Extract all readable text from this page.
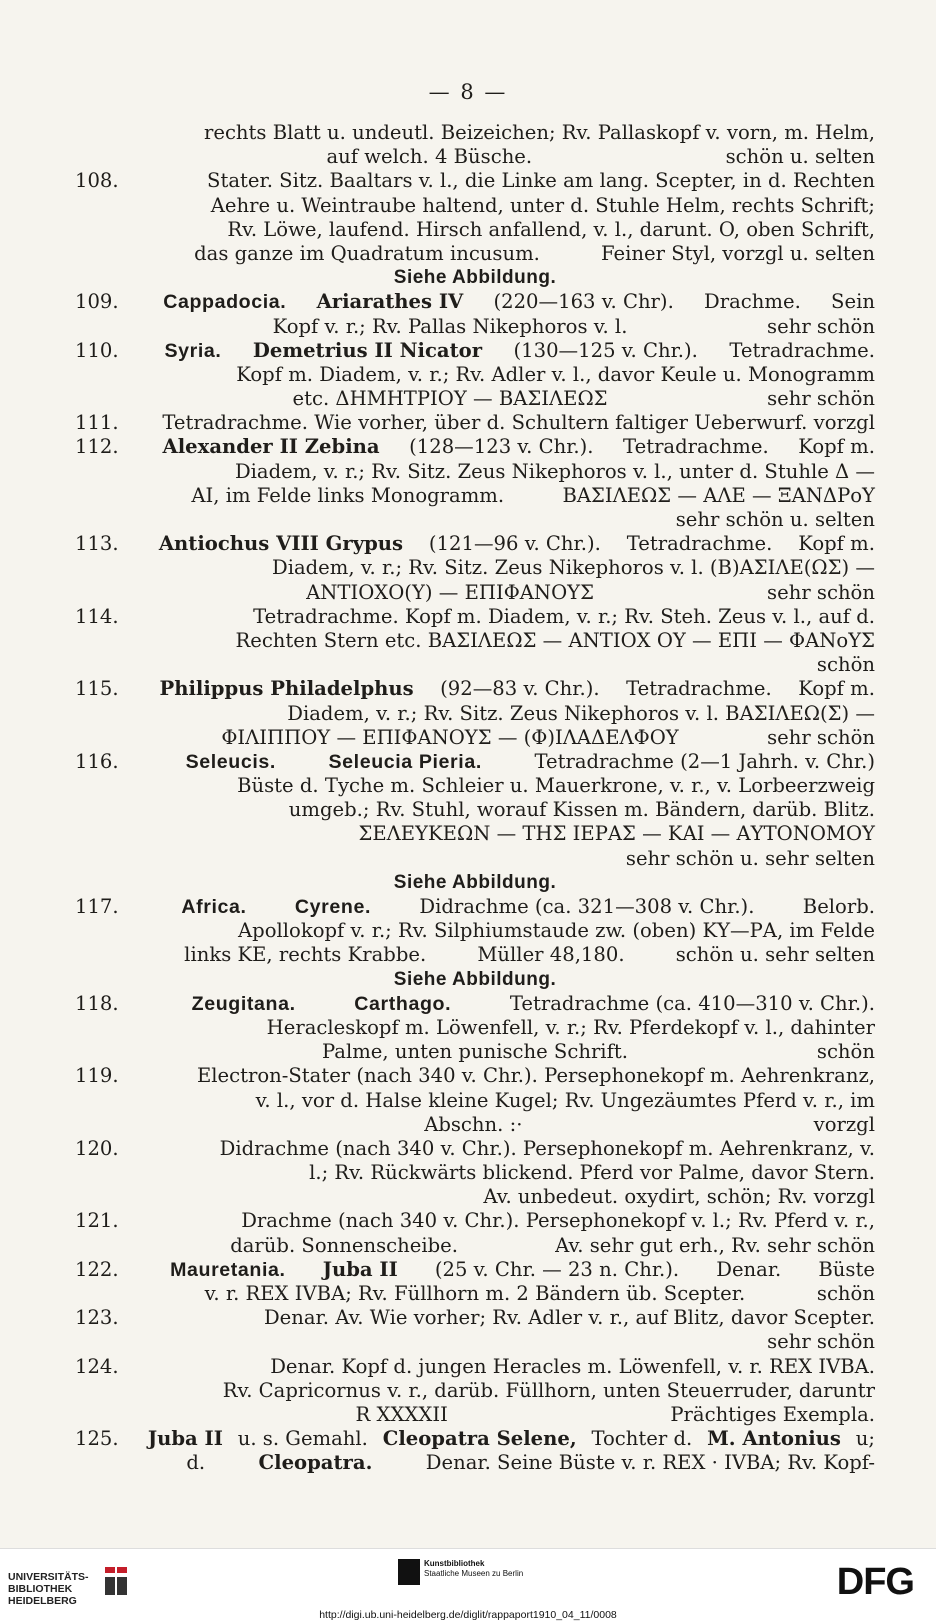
— 8 —
rechts Blatt u. undeutl. Beizeichen; Rv. Pallaskopf v. vorn, m. Helm,
auf welch. 4 Büsche.	schön u. selten
108.	Stater. Sitz. Baaltars v. l., die Linke am lang. Scepter, in d. Rechten
Aehre u. Weintraube haltend, unter d. Stuhle Helm, rechts Schrift;
Rv. Löwe, laufend. Hirsch anfallend, v. l., darunt. O, oben Schrift,
das ganze im Quadratum incusum.	Feiner Styl, vorzgl u. selten
Siehe Abbildung.
109.	Cappadocia. Ariarathes IV (220—163 v. Chr). Drachme. Sein
Kopf v. r.; Rv. Pallas Nikephoros v. l.	sehr schön
110.	Syria. Demetrius II Nicator (130—125 v. Chr.). Tetradrachme.
Kopf m. Diadem, v. r.; Rv. Adler v. l., davor Keule u. Monogramm
etc. ΔΗΜΗΤΡΙΟΥ — ΒΑΣΙΛΕΩΣ	sehr schön
111.	Tetradrachme. Wie vorher, über d. Schultern faltiger Ueberwurf. vorzgl
112.	Alexander II Zebina (128—123 v. Chr.). Tetradrachme. Kopf m.
Diadem, v. r.; Rv. Sitz. Zeus Nikephoros v. l., unter d. Stuhle Δ —
ΑΙ, im Felde links Monogramm.	ΒΑΣΙΛΕΩΣ — ΑΛΕ — ΞΑΝΔΡοΥ
sehr schön u. selten
113.	Antiochus VIII Grypus (121—96 v. Chr.). Tetradrachme. Kopf m.
Diadem, v. r.; Rv. Sitz. Zeus Nikephoros v. l. (Β)ΑΣΙΛΕ(ΩΣ) —
ΑΝΤΙΟΧΟ(Υ) — ΕΠΙΦΑΝΟΥΣ	sehr schön
114.	Tetradrachme. Kopf m. Diadem, v. r.; Rv. Steh. Zeus v. l., auf d.
Rechten Stern etc. ΒΑΣΙΛΕΩΣ — ΑΝΤΙΟΧ ΟΥ — ΕΠΙ — ΦΑΝοΥΣ
schön
115.	Philippus Philadelphus (92—83 v. Chr.). Tetradrachme. Kopf m.
Diadem, v. r.; Rv. Sitz. Zeus Nikephoros v. l. ΒΑΣΙΛΕΩ(Σ) —
ΦΙΛΙΠΠΟΥ — ΕΠΙΦΑΝΟΥΣ — (Φ)ΙΛΑΔΕΛΦΟΥ	sehr schön
116.	Seleucis.	Seleucia Pieria.	Tetradrachme (2—1 Jahrh. v. Chr.)
Büste d. Tyche m. Schleier u. Mauerkrone, v. r., v. Lorbeerzweig
umgeb.; Rv. Stuhl, worauf Kissen m. Bändern, darüb. Blitz.
ΣΕΛΕΥΚΕΩΝ — ΤΗΣ ΙΕΡΑΣ — ΚΑΙ — ΑΥΤΟΝΟΜΟΥ
sehr schön u. sehr selten
Siehe Abbildung.
117.	Africa. Cyrene. Didrachme (ca. 321—308 v. Chr.). Belorb.
Apollokopf v. r.; Rv. Silphiumstaude zw. (oben) ΚΥ—ΡΑ, im Felde
links ΚΕ, rechts Krabbe.	Müller 48,180.	schön u. sehr selten
Siehe Abbildung.
118.	Zeugitana.	Carthago.	Tetradrachme (ca. 410—310 v. Chr.).
Heracleskopf m. Löwenfell, v. r.; Rv. Pferdekopf v. l., dahinter
Palme, unten punische Schrift.	schön
119.	Electron-Stater (nach 340 v. Chr.). Persephonekopf m. Aehrenkranz,
v. l., vor d. Halse kleine Kugel; Rv. Ungezäumtes Pferd v. r., im
Abschn. :·	vorzgl
120.	Didrachme (nach 340 v. Chr.). Persephonekopf m. Aehrenkranz, v.
l.; Rv. Rückwärts blickend. Pferd vor Palme, davor Stern.
Av. unbedeut. oxydirt, schön; Rv. vorzgl
121.	Drachme (nach 340 v. Chr.). Persephonekopf v. l.; Rv. Pferd v. r.,
darüb. Sonnenscheibe.	Av. sehr gut erh., Rv. sehr schön
122.	Mauretania. Juba II (25 v. Chr. — 23 n. Chr.). Denar. Büste
v. r. REX IVBA; Rv. Füllhorn m. 2 Bändern üb. Scepter.	schön
123.	Denar. Av. Wie vorher; Rv. Adler v. r., auf Blitz, davor Scepter.
sehr schön
124.	Denar. Kopf d. jungen Heracles m. Löwenfell, v. r. REX IVBA.
Rv. Capricornus v. r., darüb. Füllhorn, unten Steuerruder, daruntr
R XXXXII	Prächtiges Exempla.
125.	Juba II u. s. Gemahl. Cleopatra Selene, Tochter d. M. Antonius u;
d.	Cleopatra.	Denar. Seine Büste v. r. REX · IVBA; Rv. Kopf-
UNIVERSITÄTS-
BIBLIOTHEK
HEIDELBERG
Kunstbibliothek
Staatliche Museen zu Berlin	DFG
http://digi.ub.uni-heidelberg.de/diglit/rappaport1910_04_11/0008
